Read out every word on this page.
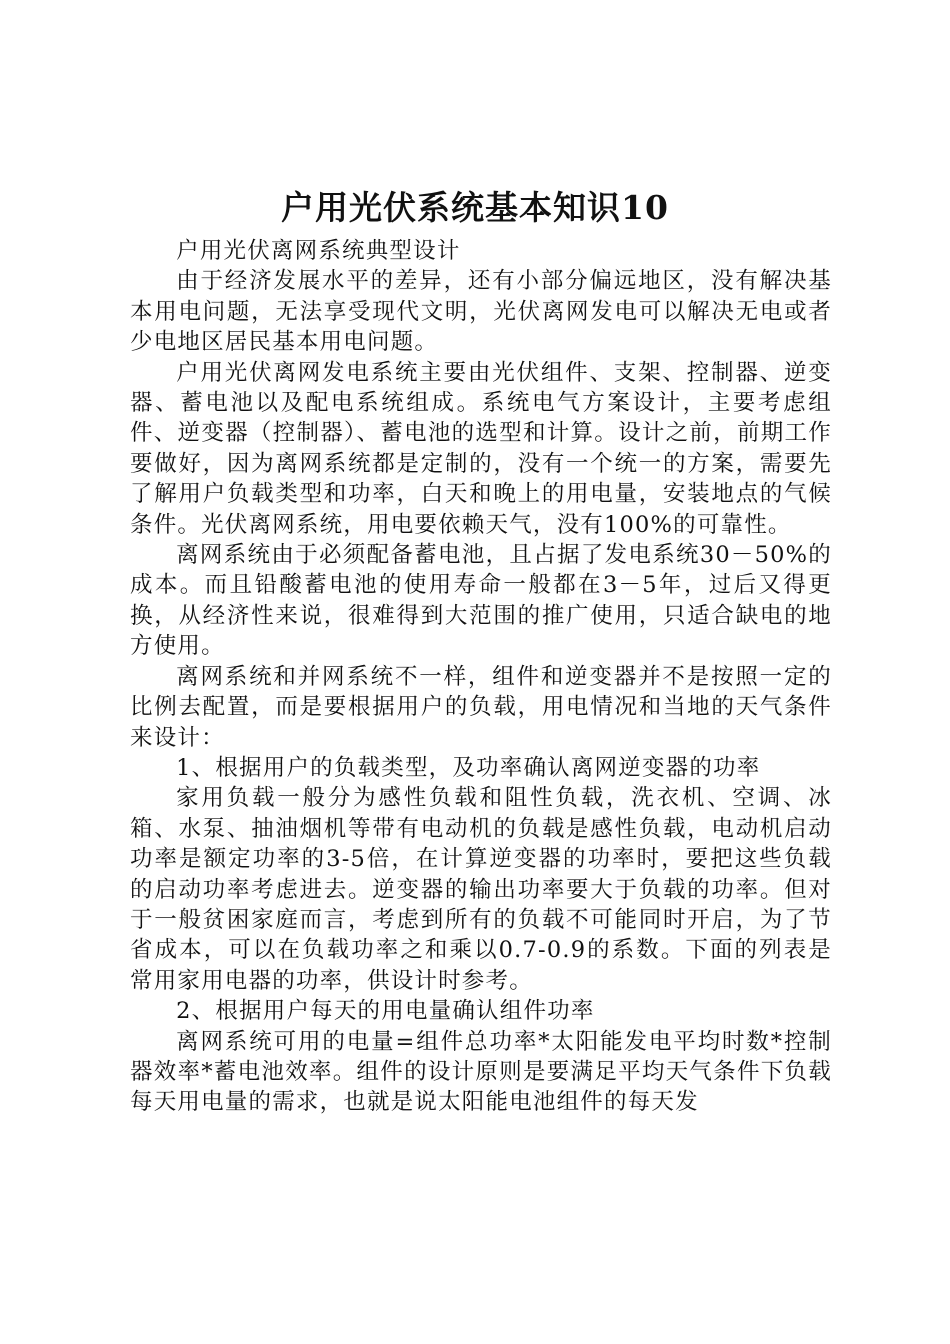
户用光伏系统基本知识10

户用光伏离网系统典型设计

由于经济发展水平的差异，还有小部分偏远地区，没有解决基本用电问题，无法享受现代文明，光伏离网发电可以解决无电或者少电地区居民基本用电问题。

户用光伏离网发电系统主要由光伏组件、支架、控制器、逆变器、蓄电池以及配电系统组成。系统电气方案设计，主要考虑组件、逆变器（控制器）、蓄电池的选型和计算。设计之前，前期工作要做好，因为离网系统都是定制的，没有一个统一的方案，需要先了解用户负载类型和功率，白天和晚上的用电量，安装地点的气候条件。光伏离网系统，用电要依赖天气，没有100%的可靠性。

离网系统由于必须配备蓄电池，且占据了发电系统30－50%的成本。而且铅酸蓄电池的使用寿命一般都在3－5年，过后又得更换，从经济性来说，很难得到大范围的推广使用，只适合缺电的地方使用。

离网系统和并网系统不一样，组件和逆变器并不是按照一定的比例去配置，而是要根据用户的负载，用电情况和当地的天气条件来设计：

1、根据用户的负载类型，及功率确认离网逆变器的功率

家用负载一般分为感性负载和阻性负载，洗衣机、空调、冰箱、水泵、抽油烟机等带有电动机的负载是感性负载，电动机启动功率是额定功率的3-5倍，在计算逆变器的功率时，要把这些负载的启动功率考虑进去。逆变器的输出功率要大于负载的功率。但对于一般贫困家庭而言，考虑到所有的负载不可能同时开启，为了节省成本，可以在负载功率之和乘以0.7-0.9的系数。下面的列表是常用家用电器的功率，供设计时参考。

2、根据用户每天的用电量确认组件功率

离网系统可用的电量=组件总功率*太阳能发电平均时数*控制器效率*蓄电池效率。组件的设计原则是要满足平均天气条件下负载每天用电量的需求，也就是说太阳能电池组件的每天发
